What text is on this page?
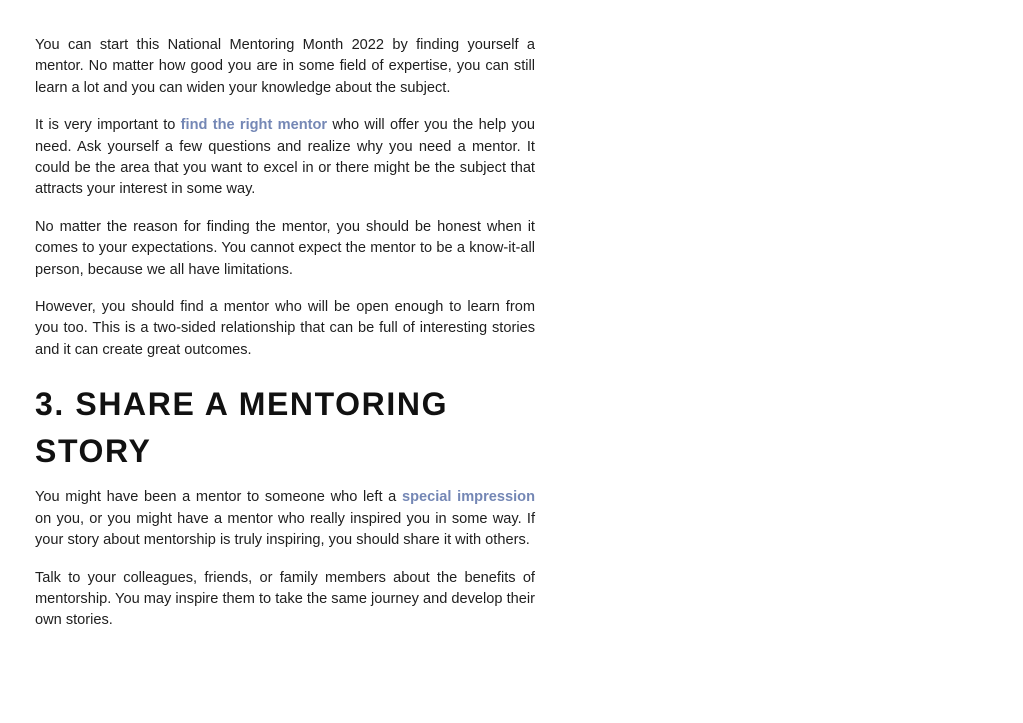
You can start this National Mentoring Month 2022 by finding yourself a mentor. No matter how good you are in some field of expertise, you can still learn a lot and you can widen your knowledge about the subject.

It is very important to find the right mentor who will offer you the help you need. Ask yourself a few questions and realize why you need a mentor. It could be the area that you want to excel in or there might be the subject that attracts your interest in some way.

No matter the reason for finding the mentor, you should be honest when it comes to your expectations. You cannot expect the mentor to be a know-it-all person, because we all have limitations.

However, you should find a mentor who will be open enough to learn from you too. This is a two-sided relationship that can be full of interesting stories and it can create great outcomes.

3. SHARE A MENTORING STORY

You might have been a mentor to someone who left a special impression on you, or you might have a mentor who really inspired you in some way. If your story about mentorship is truly inspiring, you should share it with others.

Talk to your colleagues, friends, or family members about the benefits of mentorship. You may inspire them to take the same journey and develop their own stories.
